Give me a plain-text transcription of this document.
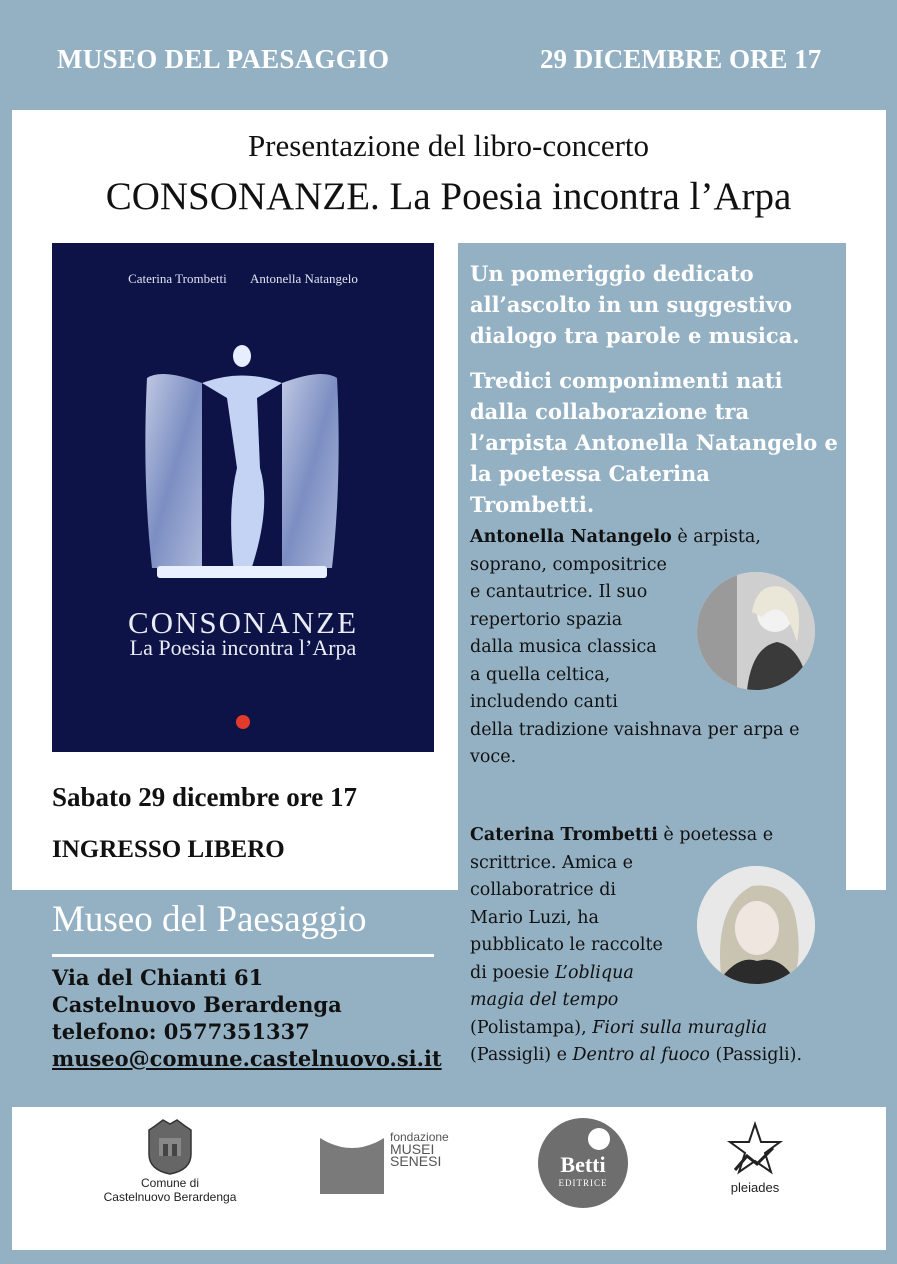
MUSEO DEL PAESAGGIO	29 DICEMBRE ORE 17
Presentazione del libro-concerto
CONSONANZE. La Poesia incontra l’Arpa
Caterina Trombetti Antonella Natangelo
CONSONANZE
La Poesia incontra l’Arpa
Sabato 29 dicembre ore 17
INGRESSO LIBERO

Un pomeriggio dedicato all’ascolto in un suggestivo dialogo tra parole e musica.

Tredici componimenti nati dalla collaborazione tra l’arpista Antonella Natangelo e la poetessa Caterina Trombetti.

Antonella Natangelo è arpista,
soprano, compositrice
e cantautrice. Il suo
repertorio spazia
dalla musica classica
a quella celtica,
includendo canti
della tradizione vaishnava per arpa e
voce.
Caterina Trombetti è poetessa e
scrittrice. Amica e
collaboratrice di
Mario Luzi, ha
pubblicato le raccolte
di poesie L’obliqua
magia del tempo
(Polistampa), Fiori sulla muraglia
(Passigli) e Dentro al fuoco (Passigli).
Museo del Paesaggio
Via del Chianti 61
Castelnuovo Berardenga
telefono: 0577351337
museo@comune.castelnuovo.si.it
Comune di
Castelnuovo Berardenga
fondazione
MUSEI
SENESI	Betti
EDITRICE	pleiades
